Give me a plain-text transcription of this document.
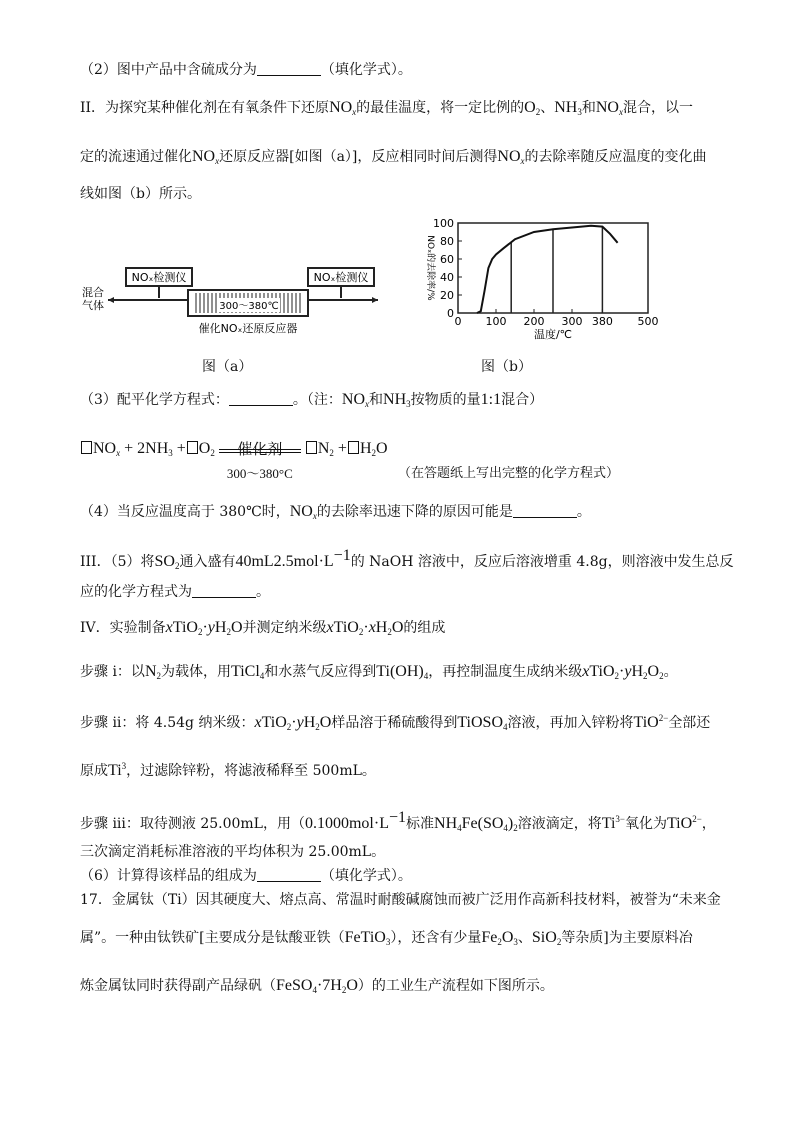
（2）图中产品中含硫成分为	（填化学式）。
II．为探究某种催化剂在有氧条件下还原$NO_x$的最佳温度，将一定比例的$O_2$、$NH_3$和$NO_x$混合，以一
定的流速通过催化$NO_x$还原反应器[如图（a）]，反应相同时间后测得$NO_x$的去除率随反应温度的变化曲
线如图（b）所示。
NOₓ检测仪	NOₓ检测仪
混合
气体	300～380℃
催化NOₓ还原反应器
0
20
40
60
80
100
0 100 200 300 380 500
NOₓ的去除率/%
温度/℃
图（a）	图（b）
（3）配平化学方程式：	。（注：$NO_x$和$NH_3$按物质的量1:1混合）
$NO_x + 2NH_3 + O_2$	催化剂
300～380°C
$N_2 + H_2O$
（在答题纸上写出完整的化学方程式）
（4）当反应温度高于 380℃时，$NO_x$的去除率迅速下降的原因可能是	。
III．（5）将$SO_2$通入盛有$40mL2.5mol\cdot L^{-1}$的 NaOH 溶液中，反应后溶液增重 4.8g，则溶液中发生总反
应的化学方程式为	。
IV．实验制备$xTiO_2\cdot yH_2O$并测定纳米级$xTiO_2\cdot xH_2O$的组成
步骤 i：以$N_2$为载体，用TiCl$_4$和水蒸气反应得到$Ti(OH)_4$，再控制温度生成纳米级$xTiO_2\cdot yH_2O_2$。
步骤 ii：将 4.54g 纳米级：$xTiO_2\cdot yH_2O$样品溶于稀硫酸得到TiOSO$_4$溶液，再加入锌粉将TiO$^{2-}$全部还
原成Ti$^3$，过滤除锌粉，将滤液稀释至 500mL。
步骤 iii：取待测液 25.00mL，用（$0.1000mol\cdot L^{-1}$标准$NH_4Fe(SO_4)_2$溶液滴定，将$Ti^{3-}$氧化为TiO$^{2-}$，
三次滴定消耗标准溶液的平均体积为 25.00mL。
（6）计算得该样品的组成为	（填化学式）。
17．金属钛（Ti）因其硬度大、熔点高、常温时耐酸碱腐蚀而被广泛用作高新科技材料，被誉为“未来金
属”。一种由钛铁矿[主要成分是钛酸亚铁（FeTiO$_3$），还含有少量$Fe_2O_3$、SiO$_2$等杂质]为主要原料冶
炼金属钛同时获得副产品绿矾$(FeSO_4\cdot 7H_2O)$的工业生产流程如下图所示。
